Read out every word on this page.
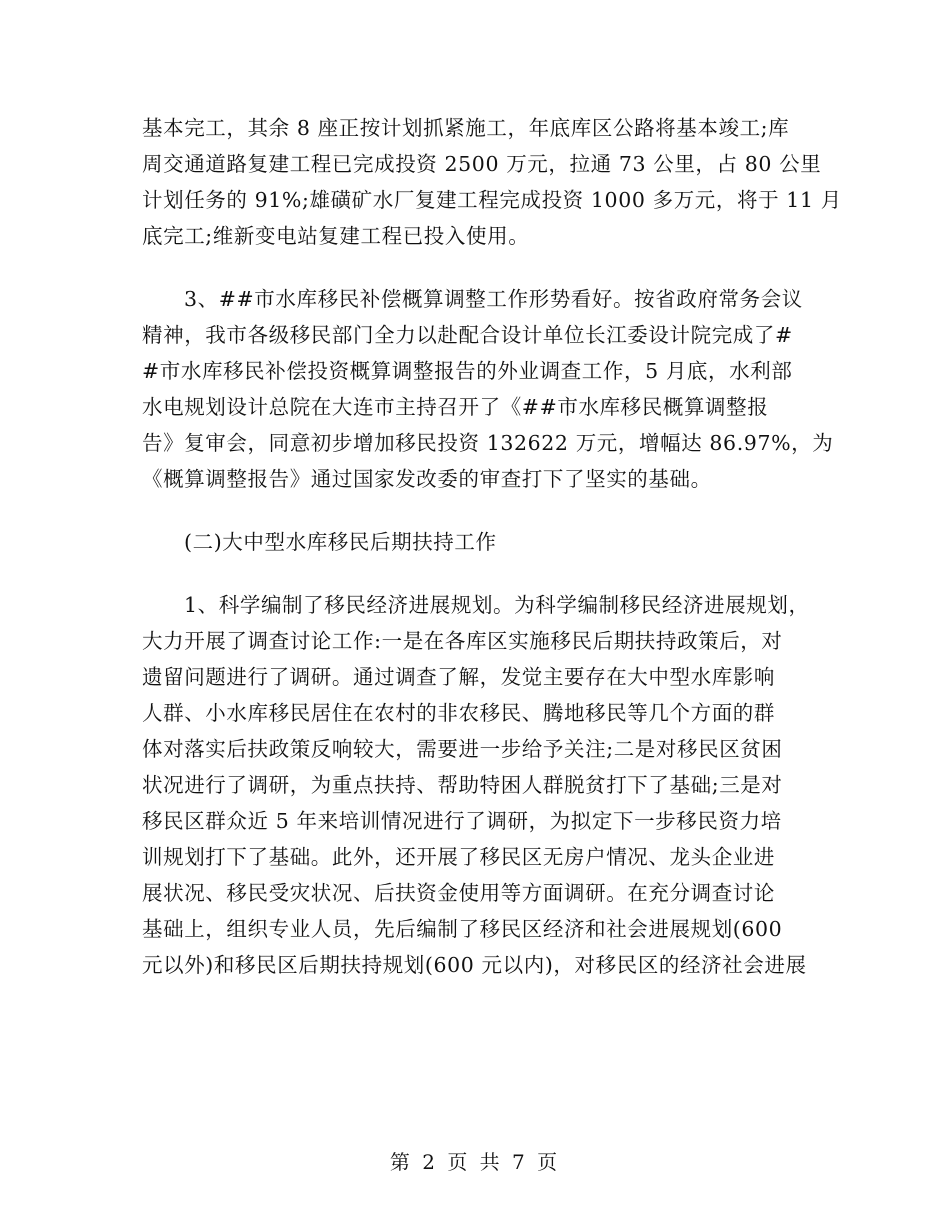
基本完工，其余 8 座正按计划抓紧施工，年底库区公路将基本竣工;库
周交通道路复建工程已完成投资 2500 万元，拉通 73 公里，占 80 公里
计划任务的 91%;雄磺矿水厂复建工程完成投资 1000 多万元，将于 11 月
底完工;维新变电站复建工程已投入使用。
3、##市水库移民补偿概算调整工作形势看好。按省政府常务会议
精神，我市各级移民部门全力以赴配合设计单位长江委设计院完成了#
#市水库移民补偿投资概算调整报告的外业调查工作，5 月底，水利部
水电规划设计总院在大连市主持召开了《##市水库移民概算调整报
告》复审会，同意初步增加移民投资 132622 万元，增幅达 86.97%，为
《概算调整报告》通过国家发改委的审查打下了坚实的基础。
(二)大中型水库移民后期扶持工作
1、科学编制了移民经济进展规划。为科学编制移民经济进展规划，
大力开展了调查讨论工作:一是在各库区实施移民后期扶持政策后，对
遗留问题进行了调研。通过调查了解，发觉主要存在大中型水库影响
人群、小水库移民居住在农村的非农移民、腾地移民等几个方面的群
体对落实后扶政策反响较大，需要进一步给予关注;二是对移民区贫困
状况进行了调研，为重点扶持、帮助特困人群脱贫打下了基础;三是对
移民区群众近 5 年来培训情况进行了调研，为拟定下一步移民资力培
训规划打下了基础。此外，还开展了移民区无房户情况、龙头企业进
展状况、移民受灾状况、后扶资金使用等方面调研。在充分调查讨论
基础上，组织专业人员，先后编制了移民区经济和社会进展规划(600
元以外)和移民区后期扶持规划(600 元以内)，对移民区的经济社会进展
第 2 页 共 7 页
